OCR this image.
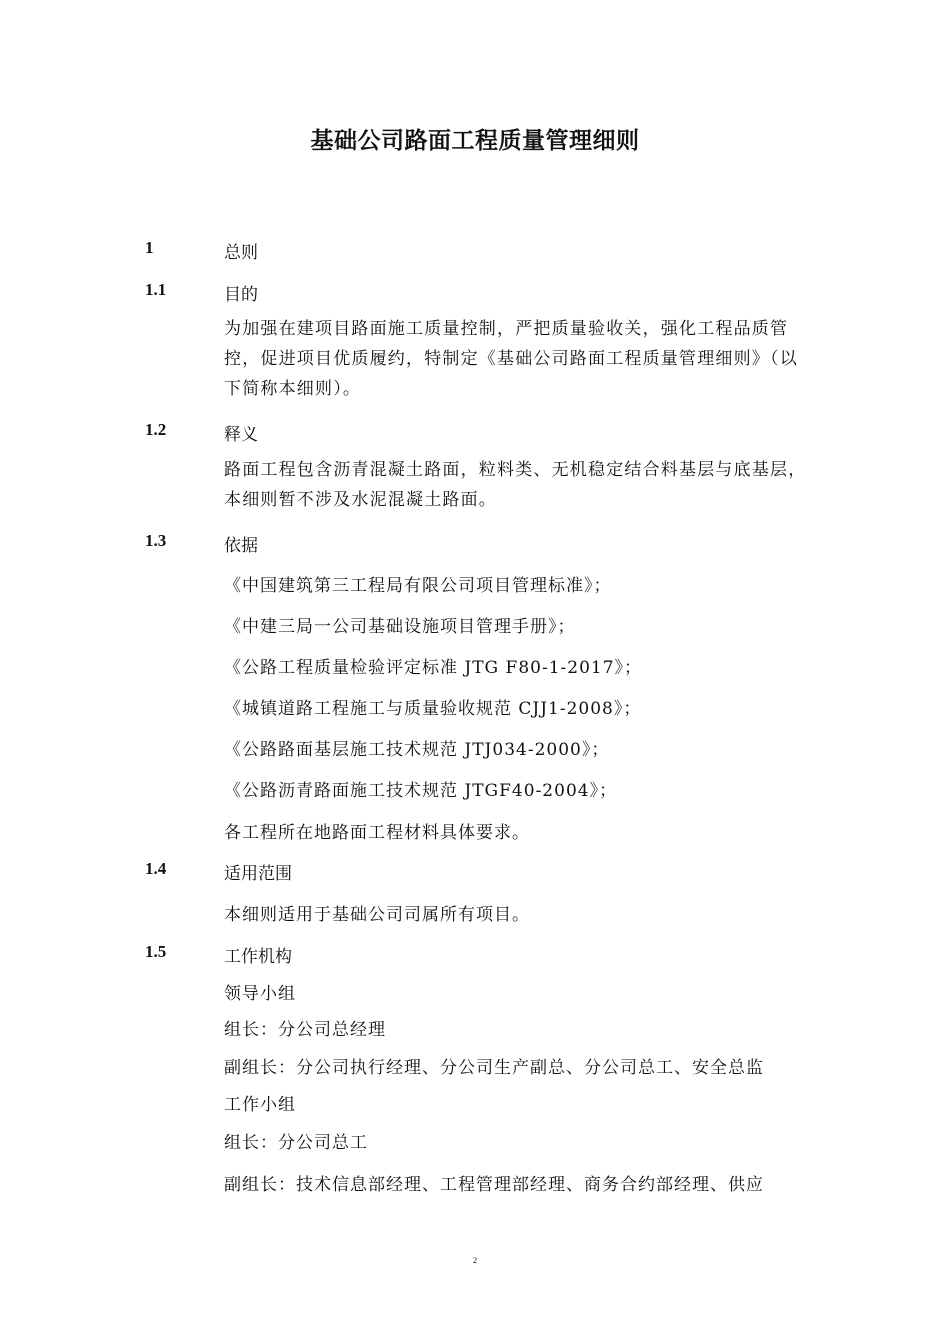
基础公司路面工程质量管理细则
1	总则
1.1	目的
为加强在建项目路面施工质量控制，严把质量验收关，强化工程品质管控，促进项目优质履约，特制定《基础公司路面工程质量管理细则》（以下简称本细则）。
1.2	释义
路面工程包含沥青混凝土路面，粒料类、无机稳定结合料基层与底基层，本细则暂不涉及水泥混凝土路面。
1.3	依据
《中国建筑第三工程局有限公司项目管理标准》；
《中建三局一公司基础设施项目管理手册》；
《公路工程质量检验评定标准 JTG F80-1-2017》；
《城镇道路工程施工与质量验收规范 CJJ1-2008》；
《公路路面基层施工技术规范 JTJ034-2000》；
《公路沥青路面施工技术规范 JTGF40-2004》；
各工程所在地路面工程材料具体要求。
1.4	适用范围
本细则适用于基础公司司属所有项目。
1.5	工作机构
领导小组
组长：分公司总经理
副组长：分公司执行经理、分公司生产副总、分公司总工、安全总监
工作小组
组长：分公司总工
副组长：技术信息部经理、工程管理部经理、商务合约部经理、供应
2
